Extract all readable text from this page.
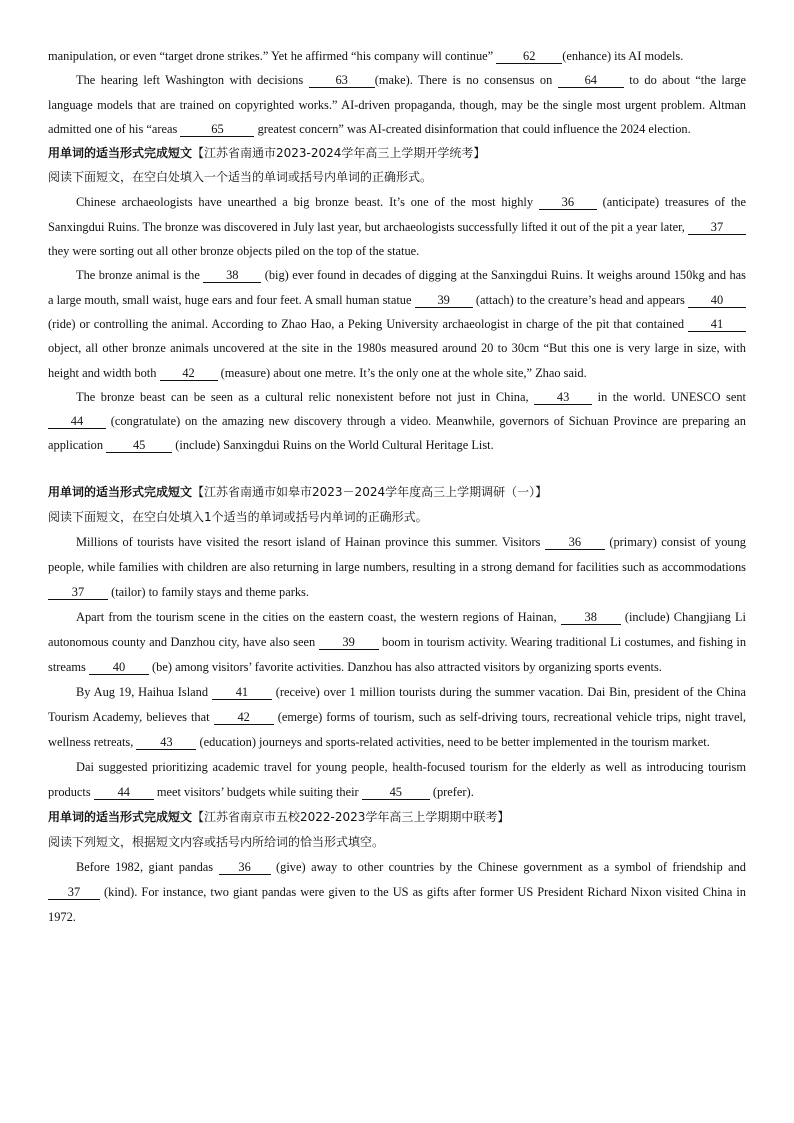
manipulation, or even “target drone strikes.” Yet he affirmed “his company will continue” 62 (enhance) its AI models.

The hearing left Washington with decisions 63 (make). There is no consensus on 64 to do about “the large language models that are trained on copyrighted works.” AI-driven propaganda, though, may be the single most urgent problem. Altman admitted one of his “areas 65 greatest concern” was AI-created disinformation that could influence the 2024 election.

用单词的适当形式完成短文【江苏省南通市2023-2024学年高三上学期开学统考】

阅读下面短文，在空白处填入一个适当的单词或括号内单词的正确形式。

Chinese archaeologists have unearthed a big bronze beast. It’s one of the most highly 36 (anticipate) treasures of the Sanxingdui Ruins. The bronze was discovered in July last year, but archaeologists successfully lifted it out of the pit a year later, 37 they were sorting out all other bronze objects piled on the top of the statue.

The bronze animal is the 38 (big) ever found in decades of digging at the Sanxingdui Ruins. It weighs around 150kg and has a large mouth, small waist, huge ears and four feet. A small human statue 39 (attach) to the creature’s head and appears 40 (ride) or controlling the animal. According to Zhao Hao, a Peking University archaeologist in charge of the pit that contained 41 object, all other bronze animals uncovered at the site in the 1980s measured around 20 to 30cm “But this one is very large in size, with height and width both 42 (measure) about one metre. It’s the only one at the whole site,” Zhao said.

The bronze beast can be seen as a cultural relic nonexistent before not just in China, 43 in the world. UNESCO sent 44 (congratulate) on the amazing new discovery through a video. Meanwhile, governors of Sichuan Province are preparing an application 45 (include) Sanxingdui Ruins on the World Cultural Heritage List.

用单词的适当形式完成短文【江苏省南通市如皋市2023－2024学年度高三上学期调研（一）】

阅读下面短文，在空白处填入1个适当的单词或括号内单词的正确形式。

Millions of tourists have visited the resort island of Hainan province this summer. Visitors 36 (primary) consist of young people, while families with children are also returning in large numbers, resulting in a strong demand for facilities such as accommodations 37 (tailor) to family stays and theme parks.

Apart from the tourism scene in the cities on the eastern coast, the western regions of Hainan, 38 (include) Changjiang Li autonomous county and Danzhou city, have also seen 39 boom in tourism activity. Wearing traditional Li costumes, and fishing in streams 40 (be) among visitors’ favorite activities. Danzhou has also attracted visitors by organizing sports events.

By Aug 19, Haihua Island 41 (receive) over 1 million tourists during the summer vacation. Dai Bin, president of the China Tourism Academy, believes that 42 (emerge) forms of tourism, such as self-driving tours, recreational vehicle trips, night travel, wellness retreats, 43 (education) journeys and sports-related activities, need to be better implemented in the tourism market.

Dai suggested prioritizing academic travel for young people, health-focused tourism for the elderly as well as introducing tourism products 44 meet visitors’ budgets while suiting their 45 (prefer).

用单词的适当形式完成短文【江苏省南京市五校2022-2023学年高三上学期期中联考】

阅读下列短文，根据短文内容或括号内所给词的恰当形式填空。

Before 1982, giant pandas 36 (give) away to other countries by the Chinese government as a symbol of friendship and 37 (kind). For instance, two giant pandas were given to the US as gifts after former US President Richard Nixon visited China in 1972.
